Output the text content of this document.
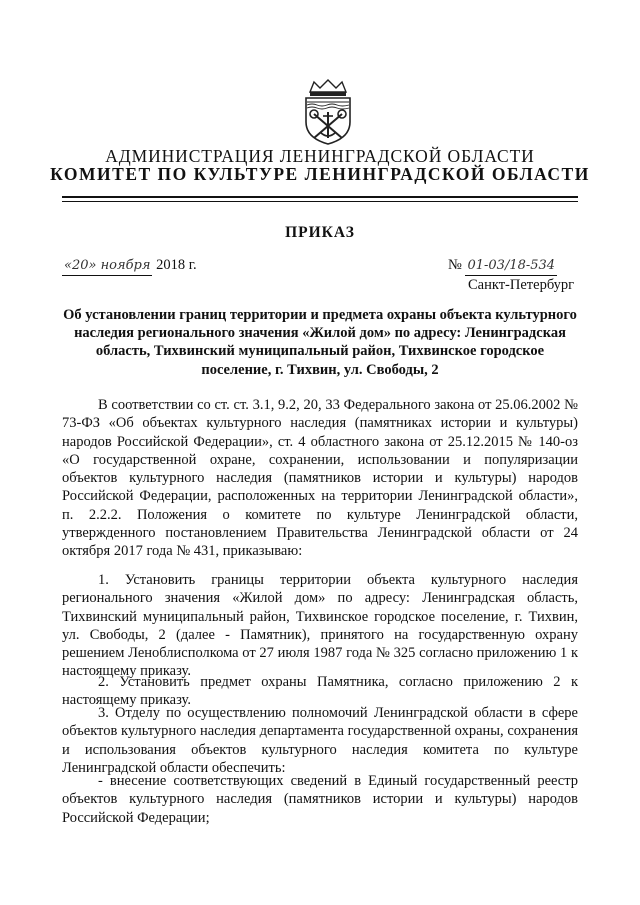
АДМИНИСТРАЦИЯ ЛЕНИНГРАДСКОЙ ОБЛАСТИ
КОМИТЕТ ПО КУЛЬТУРЕ ЛЕНИНГРАДСКОЙ ОБЛАСТИ
ПРИКАЗ
«20» ноября 2018 г.	№ 01-03/18-534
Санкт-Петербург
Об установлении границ территории и предмета охраны объекта культурного наследия регионального значения «Жилой дом» по адресу: Ленинградская область, Тихвинский муниципальный район, Тихвинское городское поселение, г. Тихвин, ул. Свободы, 2
В соответствии со ст. ст. 3.1, 9.2, 20, 33 Федерального закона от 25.06.2002 № 73-ФЗ «Об объектах культурного наследия (памятниках истории и культуры) народов Российской Федерации», ст. 4 областного закона от 25.12.2015 № 140-оз «О государственной охране, сохранении, использовании и популяризации объектов культурного наследия (памятников истории и культуры) народов Российской Федерации, расположенных на территории Ленинградской области», п. 2.2.2. Положения о комитете по культуре Ленинградской области, утвержденного постановлением Правительства Ленинградской области от 24 октября 2017 года № 431, приказываю:
1. Установить границы территории объекта культурного наследия регионального значения «Жилой дом» по адресу: Ленинградская область, Тихвинский муниципальный район, Тихвинское городское поселение, г. Тихвин, ул. Свободы, 2 (далее - Памятник), принятого на государственную охрану решением Леноблисполкома от 27 июля 1987 года № 325 согласно приложению 1 к настоящему приказу.
2. Установить предмет охраны Памятника, согласно приложению 2 к настоящему приказу.
3. Отделу по осуществлению полномочий Ленинградской области в сфере объектов культурного наследия департамента государственной охраны, сохранения и использования объектов культурного наследия комитета по культуре Ленинградской области обеспечить:
- внесение соответствующих сведений в Единый государственный реестр объектов культурного наследия (памятников истории и культуры) народов Российской Федерации;
